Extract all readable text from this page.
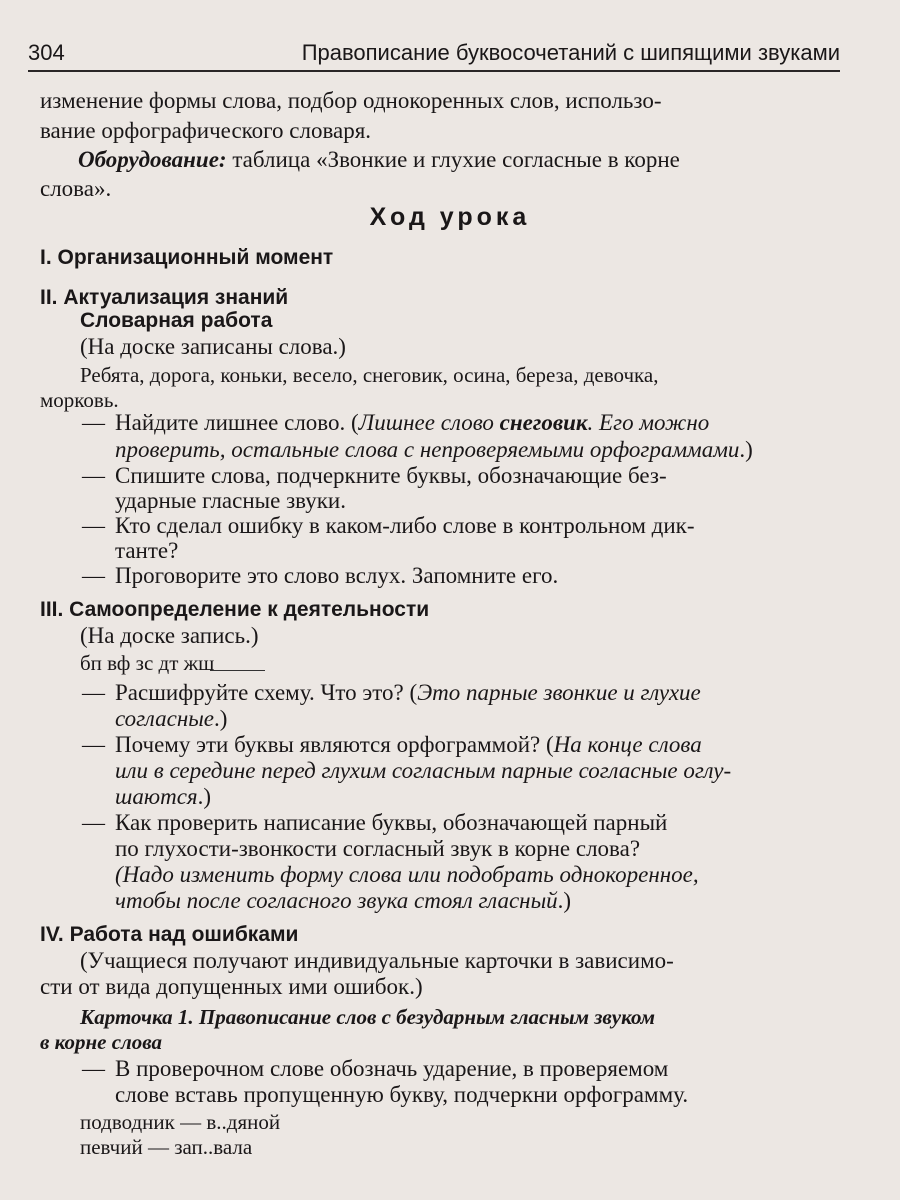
304	Правописание буквосочетаний с шипящими звуками
изменение формы слова, подбор однокоренных слов, использо-
вание орфографического словаря.
Оборудование: таблица «Звонкие и глухие согласные в корне
слова».
Ход урока
I. Организационный момент
II. Актуализация знаний
Словарная работа
(На доске записаны слова.)
Ребята, дорога, коньки, весело, снеговик, осина, береза, девочка,
морковь.
— Найдите лишнее слово. (Лишнее слово снеговик. Его можно
проверить, остальные слова с непроверяемыми орфограммами.)
— Спишите слова, подчеркните буквы, обозначающие без-
ударные гласные звуки.
— Кто сделал ошибку в каком-либо слове в контрольном дик-
танте?
— Проговорите это слово вслух. Запомните его.
III. Самоопределение к деятельности
(На доске запись.)
бп вф зс дт жш
— Расшифруйте схему. Что это? (Это парные звонкие и глухие
согласные.)
— Почему эти буквы являются орфограммой? (На конце слова
или в середине перед глухим согласным парные согласные оглу-
шаются.)
— Как проверить написание буквы, обозначающей парный
по глухости-звонкости согласный звук в корне слова?
(Надо изменить форму слова или подобрать однокоренное,
чтобы после согласного звука стоял гласный.)
IV. Работа над ошибками
(Учащиеся получают индивидуальные карточки в зависимо-
сти от вида допущенных ими ошибок.)
Карточка 1. Правописание слов с безударным гласным звуком
в корне слова
— В проверочном слове обозначь ударение, в проверяемом
слове вставь пропущенную букву, подчеркни орфограмму.
подводник — в..дяной
певчий — зап..вала
